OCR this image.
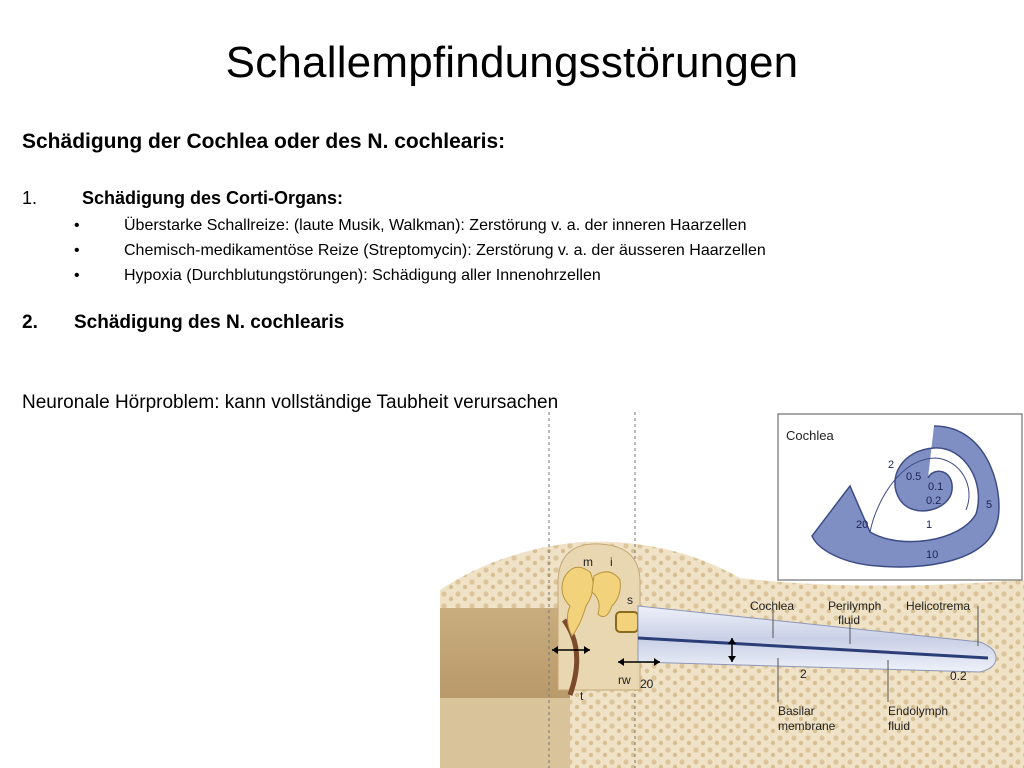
Schallempfindungsstörungen
Schädigung der Cochlea oder des N. cochlearis:
1. Schädigung des Corti-Organs:
•	Überstarke Schallreize: (laute Musik, Walkman): Zerstörung v. a. der inneren Haarzellen
•	Chemisch-medikamentöse Reize (Streptomycin): Zerstörung v. a. der äusseren Haarzellen
•	Hypoxia (Durchblutungstörungen): Schädigung aller Innenohrzellen
2. Schädigung des N. cochlearis
Neuronale Hörproblem: kann vollständige Taubheit verursachen
m i
s
t
rw 20
Cochlea	Perilymph
fluid
Helicotrema
2	0.2
Basilar
membrane
Endolymph
fluid
Cochlea
0.1
0.2
0.5
1
2
5
10
20
